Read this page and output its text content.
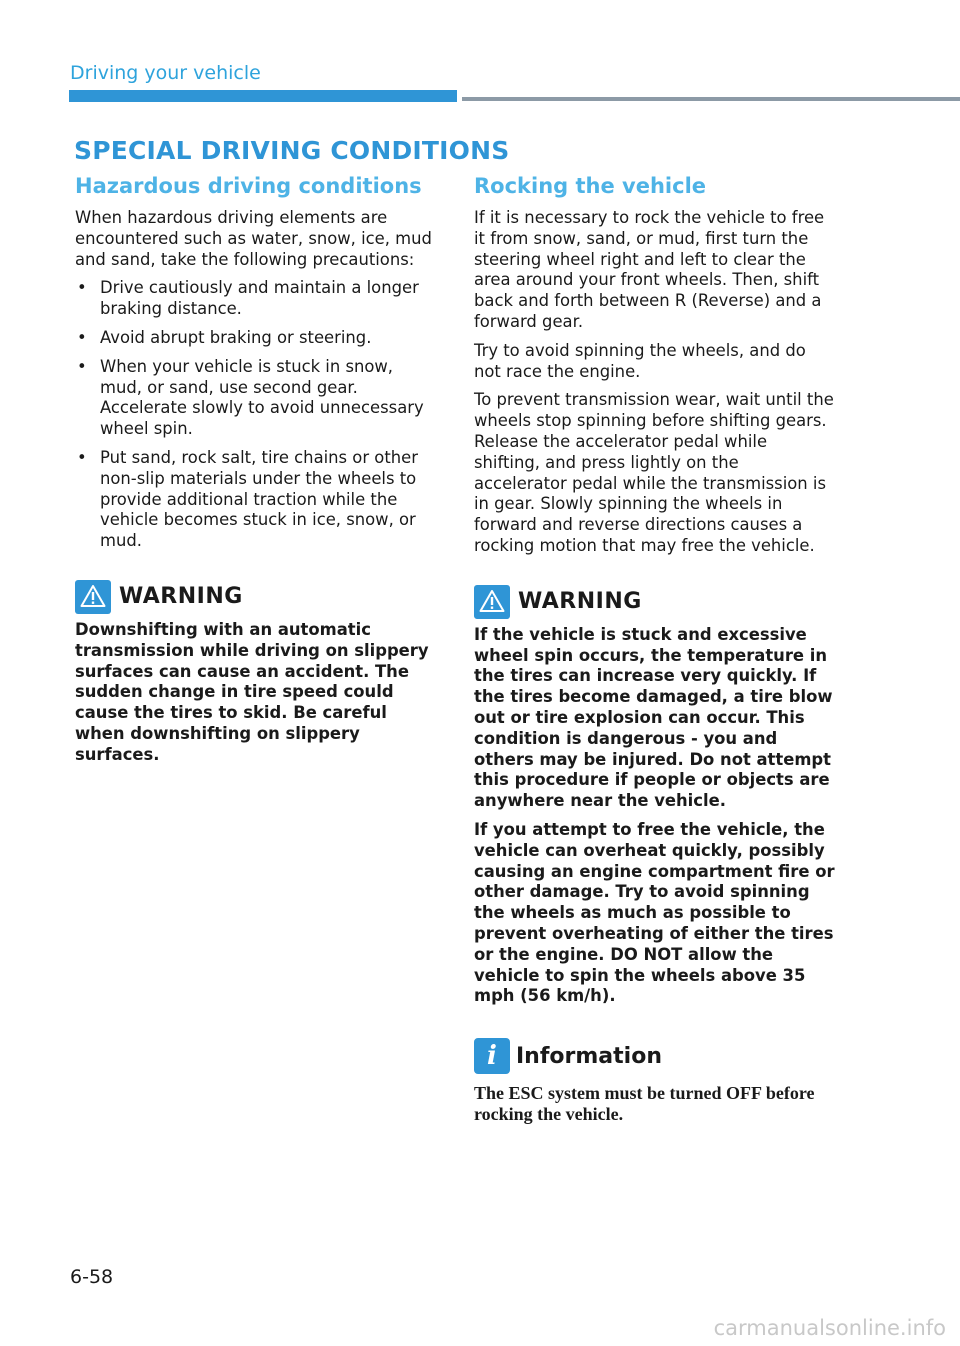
Driving your vehicle
SPECIAL DRIVING CONDITIONS
Hazardous driving conditions

When hazardous driving elements are encountered such as water, snow, ice, mud and sand, take the following precautions:

• Drive cautiously and maintain a longer braking distance.
• Avoid abrupt braking or steering.
• When your vehicle is stuck in snow, mud, or sand, use second gear. Accelerate slowly to avoid unnecessary wheel spin.
• Put sand, rock salt, tire chains or other non-slip materials under the wheels to provide additional traction while the vehicle becomes stuck in ice, snow, or mud.
WARNING

Downshifting with an automatic transmission while driving on slippery surfaces can cause an accident. The sudden change in tire speed could cause the tires to skid. Be careful when downshifting on slippery surfaces.

Rocking the vehicle

If it is necessary to rock the vehicle to free it from snow, sand, or mud, first turn the steering wheel right and left to clear the area around your front wheels. Then, shift back and forth between R (Reverse) and a forward gear.

Try to avoid spinning the wheels, and do not race the engine.

To prevent transmission wear, wait until the wheels stop spinning before shifting gears. Release the accelerator pedal while shifting, and press lightly on the accelerator pedal while the transmission is in gear. Slowly spinning the wheels in forward and reverse directions causes a rocking motion that may free the vehicle.

WARNING

If the vehicle is stuck and excessive wheel spin occurs, the temperature in the tires can increase very quickly. If the tires become damaged, a tire blow out or tire explosion can occur. This condition is dangerous - you and others may be injured. Do not attempt this procedure if people or objects are anywhere near the vehicle.

If you attempt to free the vehicle, the vehicle can overheat quickly, possibly causing an engine compartment fire or other damage. Try to avoid spinning the wheels as much as possible to prevent overheating of either the tires or the engine. DO NOT allow the vehicle to spin the wheels above 35 mph (56 km/h).

i Information

The ESC system must be turned OFF before rocking the vehicle.

6-58
carmanualsonline.info
